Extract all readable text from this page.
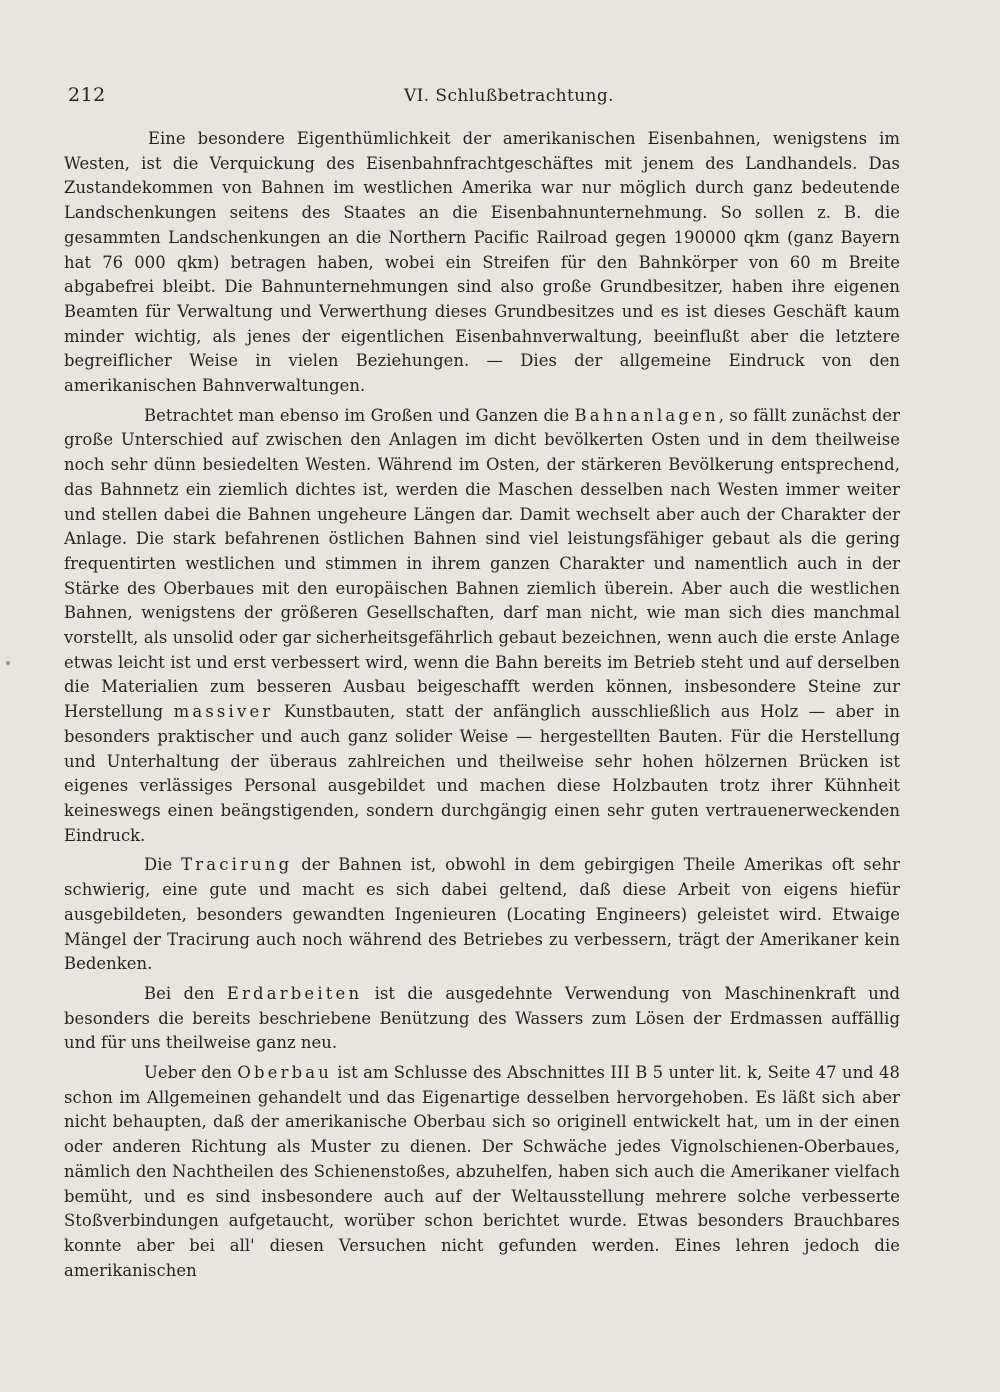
212	VI. Schlußbetrachtung.

Eine besondere Eigenthümlichkeit der amerikanischen Eisenbahnen, wenigstens im Westen, ist die Verquickung des Eisenbahnfrachtgeschäftes mit jenem des Landhandels. Das Zustandekommen von Bahnen im westlichen Amerika war nur möglich durch ganz bedeutende Landschenkungen seitens des Staates an die Eisenbahnunternehmung. So sollen z. B. die gesammten Landschenkungen an die Northern Pacific Railroad gegen 190000 qkm (ganz Bayern hat 76 000 qkm) betragen haben, wobei ein Streifen für den Bahnkörper von 60 m Breite abgabefrei bleibt. Die Bahnunternehmungen sind also große Grundbesitzer, haben ihre eigenen Beamten für Verwaltung und Verwerthung dieses Grundbesitzes und es ist dieses Geschäft kaum minder wichtig, als jenes der eigentlichen Eisenbahnverwaltung, beeinflußt aber die letztere begreiflicher Weise in vielen Beziehungen. — Dies der allgemeine Eindruck von den amerikanischen Bahnverwaltungen.

Betrachtet man ebenso im Großen und Ganzen die Bahnanlagen, so fällt zunächst der große Unterschied auf zwischen den Anlagen im dicht bevölkerten Osten und in dem theilweise noch sehr dünn besiedelten Westen. Während im Osten, der stärkeren Bevölkerung entsprechend, das Bahnnetz ein ziemlich dichtes ist, werden die Maschen desselben nach Westen immer weiter und stellen dabei die Bahnen ungeheure Längen dar. Damit wechselt aber auch der Charakter der Anlage. Die stark befahrenen östlichen Bahnen sind viel leistungsfähiger gebaut als die gering frequentirten westlichen und stimmen in ihrem ganzen Charakter und namentlich auch in der Stärke des Oberbaues mit den europäischen Bahnen ziemlich überein. Aber auch die westlichen Bahnen, wenigstens der größeren Gesellschaften, darf man nicht, wie man sich dies manchmal vorstellt, als unsolid oder gar sicherheitsgefährlich gebaut bezeichnen, wenn auch die erste Anlage etwas leicht ist und erst verbessert wird, wenn die Bahn bereits im Betrieb steht und auf derselben die Materialien zum besseren Ausbau beigeschafft werden können, insbesondere Steine zur Herstellung massiver Kunstbauten, statt der anfänglich ausschließlich aus Holz — aber in besonders praktischer und auch ganz solider Weise — hergestellten Bauten. Für die Herstellung und Unterhaltung der überaus zahlreichen und theilweise sehr hohen hölzernen Brücken ist eigenes verlässiges Personal ausgebildet und machen diese Holzbauten trotz ihrer Kühnheit keineswegs einen beängstigenden, sondern durchgängig einen sehr guten vertrauenerweckenden Eindruck.

Die Tracirung der Bahnen ist, obwohl in dem gebirgigen Theile Amerikas oft sehr schwierig, eine gute und macht es sich dabei geltend, daß diese Arbeit von eigens hiefür ausgebildeten, besonders gewandten Ingenieuren (Locating Engineers) geleistet wird. Etwaige Mängel der Tracirung auch noch während des Betriebes zu verbessern, trägt der Amerikaner kein Bedenken.

Bei den Erdarbeiten ist die ausgedehnte Verwendung von Maschinenkraft und besonders die bereits beschriebene Benützung des Wassers zum Lösen der Erdmassen auffällig und für uns theilweise ganz neu.

Ueber den Oberbau ist am Schlusse des Abschnittes III B 5 unter lit. k, Seite 47 und 48 schon im Allgemeinen gehandelt und das Eigenartige desselben hervorgehoben. Es läßt sich aber nicht behaupten, daß der amerikanische Oberbau sich so originell entwickelt hat, um in der einen oder anderen Richtung als Muster zu dienen. Der Schwäche jedes Vignolschienen-Oberbaues, nämlich den Nachtheilen des Schienenstoßes, abzuhelfen, haben sich auch die Amerikaner vielfach bemüht, und es sind insbesondere auch auf der Weltausstellung mehrere solche verbesserte Stoßverbindungen aufgetaucht, worüber schon berichtet wurde. Etwas besonders Brauchbares konnte aber bei all' diesen Versuchen nicht gefunden werden. Eines lehren jedoch die amerikanischen
